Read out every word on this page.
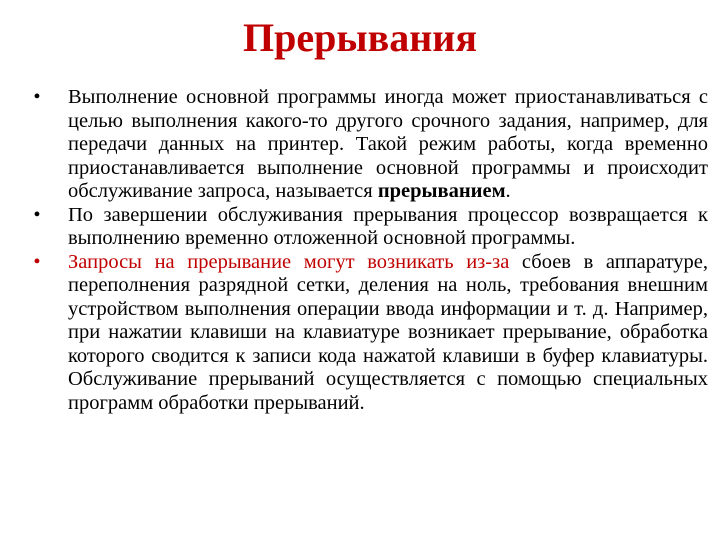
Прерывания
• Выполнение основной программы иногда может приостанавливаться с целью выполнения какого-то другого срочного задания, например, для передачи данных на принтер. Такой режим работы, когда временно приостанавливается выполнение основной программы и происходит обслуживание запроса, называется прерыванием.
• По завершении обслуживания прерывания процессор возвращается к выполнению временно отложенной основной программы.
• Запросы на прерывание могут возникать из-за сбоев в аппаратуре, переполнения разрядной сетки, деления на ноль, требования внешним устройством выполнения операции ввода информации и т. д. Например, при нажатии клавиши на клавиатуре возникает прерывание, обработка которого сводится к записи кода нажатой клавиши в буфер клавиатуры. Обслуживание прерываний осуществляется с помощью специальных программ обработки прерываний.
